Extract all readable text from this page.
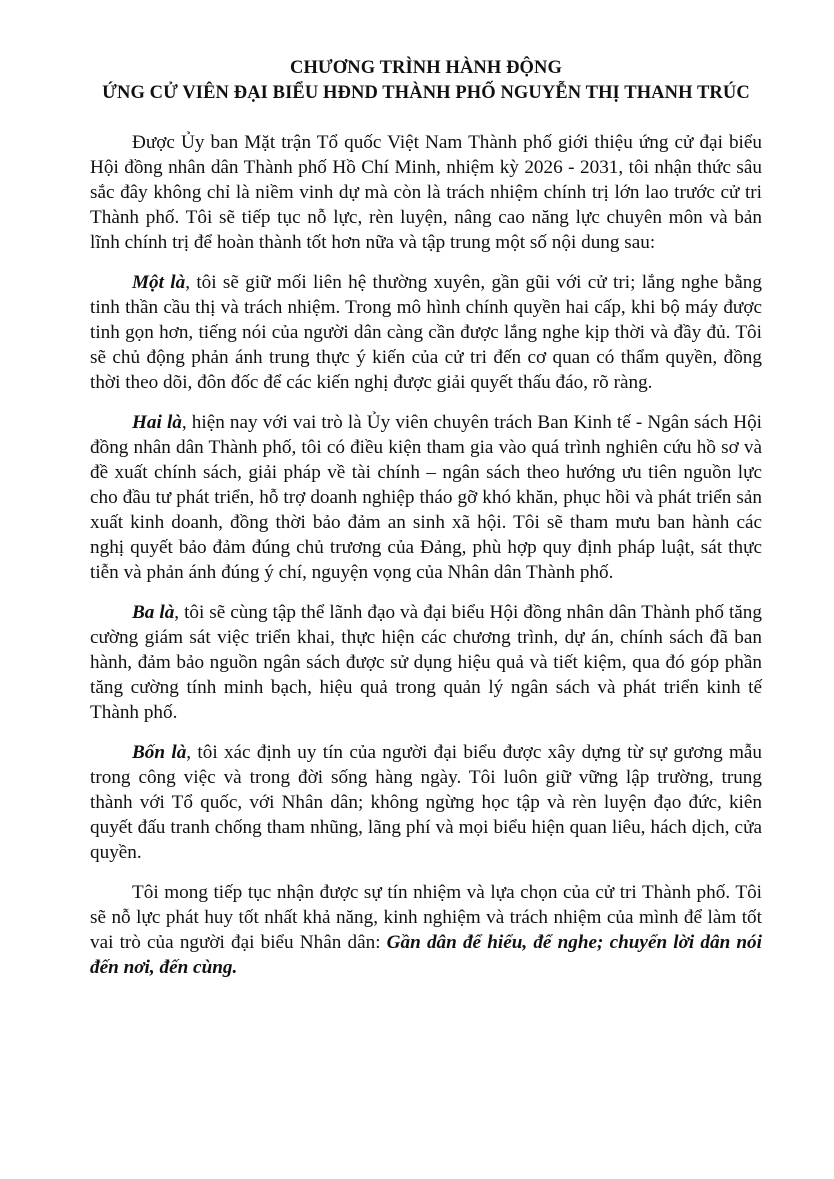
CHƯƠNG TRÌNH HÀNH ĐỘNG

ỨNG CỬ VIÊN ĐẠI BIỂU HĐND THÀNH PHỐ NGUYỄN THỊ THANH TRÚC

Được Ủy ban Mặt trận Tổ quốc Việt Nam Thành phố giới thiệu ứng cử đại biểu Hội đồng nhân dân Thành phố Hồ Chí Minh, nhiệm kỳ 2026 - 2031, tôi nhận thức sâu sắc đây không chỉ là niềm vinh dự mà còn là trách nhiệm chính trị lớn lao trước cử tri Thành phố. Tôi sẽ tiếp tục nỗ lực, rèn luyện, nâng cao năng lực chuyên môn và bản lĩnh chính trị để hoàn thành tốt hơn nữa và tập trung một số nội dung sau:

Một là, tôi sẽ giữ mối liên hệ thường xuyên, gần gũi với cử tri; lắng nghe bằng tinh thần cầu thị và trách nhiệm. Trong mô hình chính quyền hai cấp, khi bộ máy được tinh gọn hơn, tiếng nói của người dân càng cần được lắng nghe kịp thời và đầy đủ. Tôi sẽ chủ động phản ánh trung thực ý kiến của cử tri đến cơ quan có thẩm quyền, đồng thời theo dõi, đôn đốc để các kiến nghị được giải quyết thấu đáo, rõ ràng.

Hai là, hiện nay với vai trò là Ủy viên chuyên trách Ban Kinh tế - Ngân sách Hội đồng nhân dân Thành phố, tôi có điều kiện tham gia vào quá trình nghiên cứu hồ sơ và đề xuất chính sách, giải pháp về tài chính – ngân sách theo hướng ưu tiên nguồn lực cho đầu tư phát triển, hỗ trợ doanh nghiệp tháo gỡ khó khăn, phục hồi và phát triển sản xuất kinh doanh, đồng thời bảo đảm an sinh xã hội. Tôi sẽ tham mưu ban hành các nghị quyết bảo đảm đúng chủ trương của Đảng, phù hợp quy định pháp luật, sát thực tiễn và phản ánh đúng ý chí, nguyện vọng của Nhân dân Thành phố.

Ba là, tôi sẽ cùng tập thể lãnh đạo và đại biểu Hội đồng nhân dân Thành phố tăng cường giám sát việc triển khai, thực hiện các chương trình, dự án, chính sách đã ban hành, đảm bảo nguồn ngân sách được sử dụng hiệu quả và tiết kiệm, qua đó góp phần tăng cường tính minh bạch, hiệu quả trong quản lý ngân sách và phát triển kinh tế Thành phố.

Bốn là, tôi xác định uy tín của người đại biểu được xây dựng từ sự gương mẫu trong công việc và trong đời sống hàng ngày. Tôi luôn giữ vững lập trường, trung thành với Tổ quốc, với Nhân dân; không ngừng học tập và rèn luyện đạo đức, kiên quyết đấu tranh chống tham nhũng, lãng phí và mọi biểu hiện quan liêu, hách dịch, cửa quyền.

Tôi mong tiếp tục nhận được sự tín nhiệm và lựa chọn của cử tri Thành phố. Tôi sẽ nỗ lực phát huy tốt nhất khả năng, kinh nghiệm và trách nhiệm của mình để làm tốt vai trò của người đại biểu Nhân dân: Gần dân để hiểu, để nghe; chuyển lời dân nói đến nơi, đến cùng.
